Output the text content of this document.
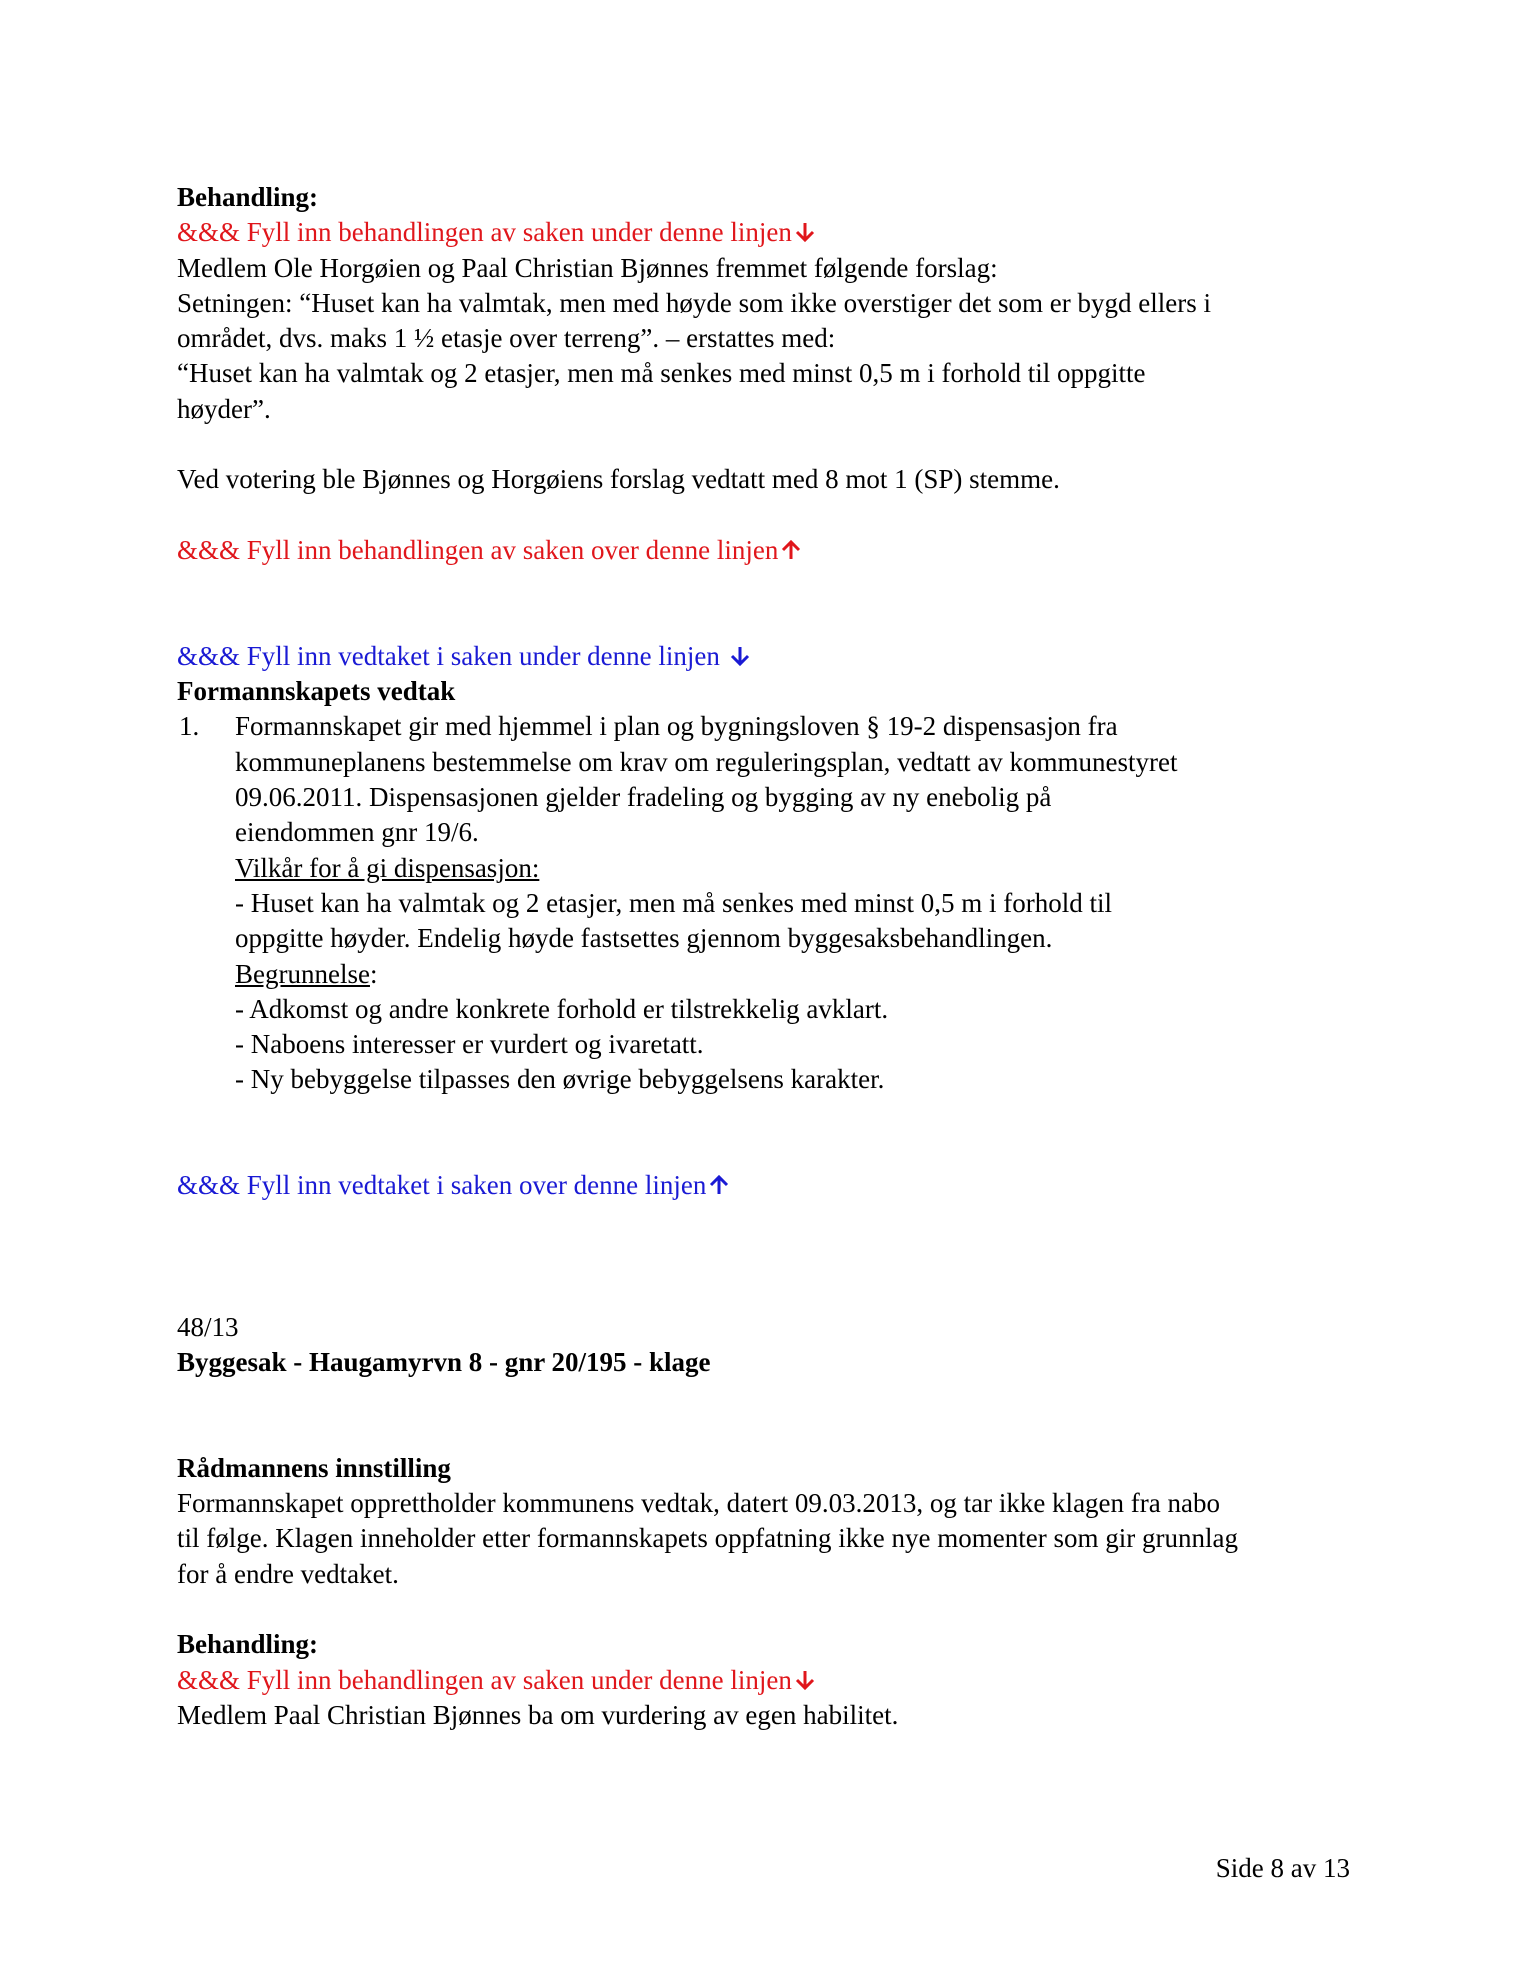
Behandling:
&&& Fyll inn behandlingen av saken under denne linjen
Medlem Ole Horgøien og Paal Christian Bjønnes fremmet følgende forslag:
Setningen: “Huset kan ha valmtak, men med høyde som ikke overstiger det som er bygd ellers i
området, dvs. maks 1 ½ etasje over terreng”. – erstattes med:
“Huset kan ha valmtak og 2 etasjer, men må senkes med minst 0,5 m i forhold til oppgitte
høyder”.
Ved votering ble Bjønnes og Horgøiens forslag vedtatt med 8 mot 1 (SP) stemme.
&&& Fyll inn behandlingen av saken over denne linjen
&&& Fyll inn vedtaket i saken under denne linjen
Formannskapets vedtak
1. Formannskapet gir med hjemmel i plan og bygningsloven § 19-2 dispensasjon fra
kommuneplanens bestemmelse om krav om reguleringsplan, vedtatt av kommunestyret
09.06.2011. Dispensasjonen gjelder fradeling og bygging av ny enebolig på
eiendommen gnr 19/6.
Vilkår for å gi dispensasjon:
- Huset kan ha valmtak og 2 etasjer, men må senkes med minst 0,5 m i forhold til
oppgitte høyder. Endelig høyde fastsettes gjennom byggesaksbehandlingen.
Begrunnelse:
- Adkomst og andre konkrete forhold er tilstrekkelig avklart.
- Naboens interesser er vurdert og ivaretatt.
- Ny bebyggelse tilpasses den øvrige bebyggelsens karakter.
&&& Fyll inn vedtaket i saken over denne linjen
48/13
Byggesak - Haugamyrvn 8 - gnr 20/195 - klage
Rådmannens innstilling
Formannskapet opprettholder kommunens vedtak, datert 09.03.2013, og tar ikke klagen fra nabo
til følge. Klagen inneholder etter formannskapets oppfatning ikke nye momenter som gir grunnlag
for å endre vedtaket.
Behandling:
&&& Fyll inn behandlingen av saken under denne linjen
Medlem Paal Christian Bjønnes ba om vurdering av egen habilitet.
Side 8 av 13
